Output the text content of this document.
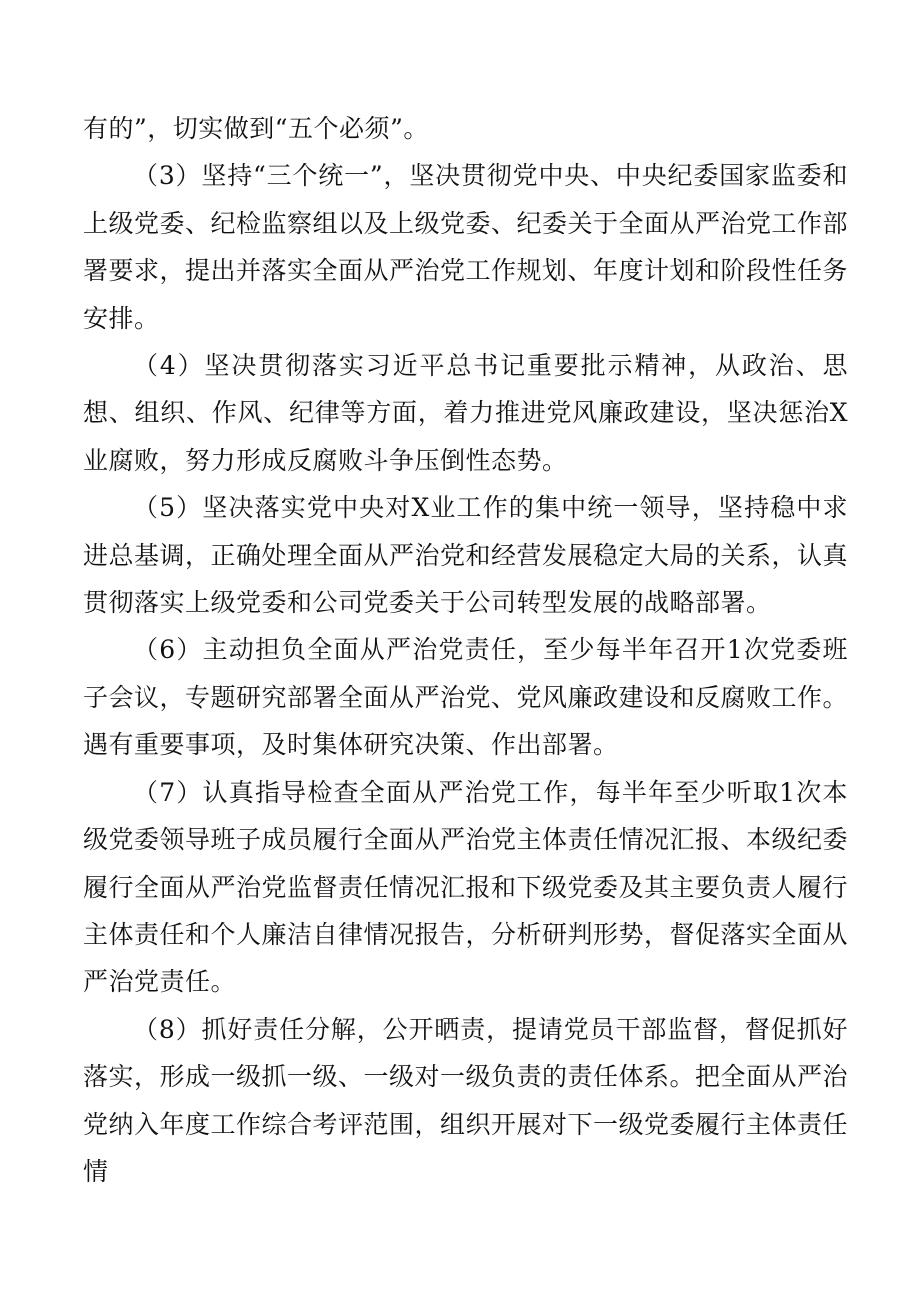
有的”，切实做到“五个必须”。

（3）坚持“三个统一”，坚决贯彻党中央、中央纪委国家监委和上级党委、纪检监察组以及上级党委、纪委关于全面从严治党工作部署要求，提出并落实全面从严治党工作规划、年度计划和阶段性任务安排。

（4）坚决贯彻落实习近平总书记重要批示精神，从政治、思想、组织、作风、纪律等方面，着力推进党风廉政建设，坚决惩治X业腐败，努力形成反腐败斗争压倒性态势。

（5）坚决落实党中央对X业工作的集中统一领导，坚持稳中求进总基调，正确处理全面从严治党和经营发展稳定大局的关系，认真贯彻落实上级党委和公司党委关于公司转型发展的战略部署。

（6）主动担负全面从严治党责任，至少每半年召开1次党委班子会议，专题研究部署全面从严治党、党风廉政建设和反腐败工作。遇有重要事项，及时集体研究决策、作出部署。

（7）认真指导检查全面从严治党工作，每半年至少听取1次本级党委领导班子成员履行全面从严治党主体责任情况汇报、本级纪委履行全面从严治党监督责任情况汇报和下级党委及其主要负责人履行主体责任和个人廉洁自律情况报告，分析研判形势，督促落实全面从严治党责任。

（8）抓好责任分解，公开晒责，提请党员干部监督，督促抓好落实，形成一级抓一级、一级对一级负责的责任体系。把全面从严治党纳入年度工作综合考评范围，组织开展对下一级党委履行主体责任情
